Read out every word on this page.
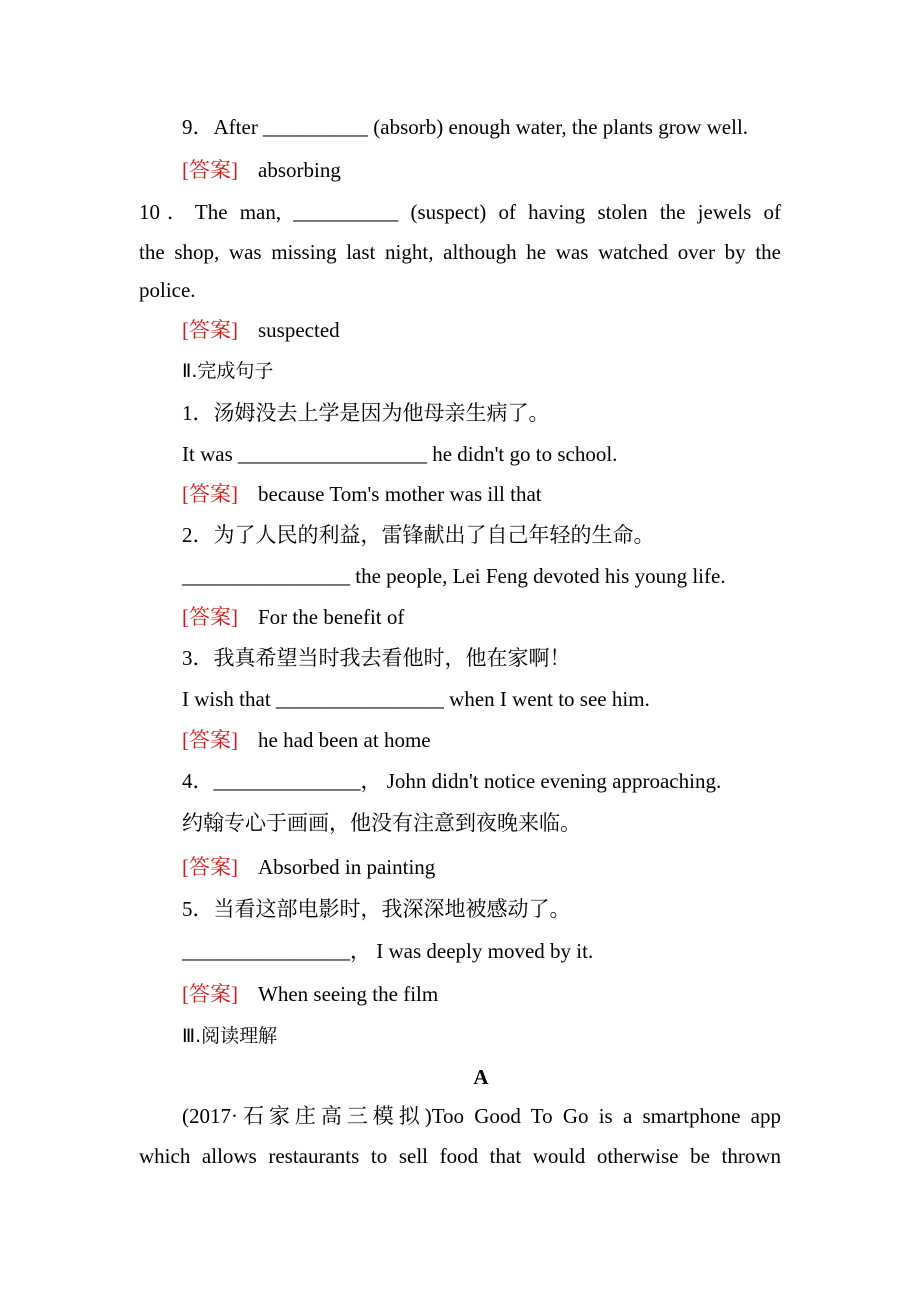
9．After __________ (absorb) enough water, the plants grow well.
[答案] absorbing
10．The man, __________ (suspect) of having stolen the jewels of
the shop, was missing last night, although he was watched over by the
police.
[答案] suspected
Ⅱ.完成句子
1．汤姆没去上学是因为他母亲生病了。
It was __________________ he didn't go to school.
[答案] because Tom's mother was ill that
2．为了人民的利益，雷锋献出了自己年轻的生命。
________________ the people, Lei Feng devoted his young life.
[答案] For the benefit of
3．我真希望当时我去看他时，他在家啊！
I wish that ________________ when I went to see him.
[答案] he had been at home
4．______________， John didn't notice evening approaching.
约翰专心于画画，他没有注意到夜晚来临。
[答案] Absorbed in painting
5．当看这部电影时，我深深地被感动了。
________________， I was deeply moved by it.
[答案] When seeing the film
Ⅲ.阅读理解
A
(2017·石家庄高三模拟)Too Good To Go is a smartphone app
which allows restaurants to sell food that would otherwise be thrown
